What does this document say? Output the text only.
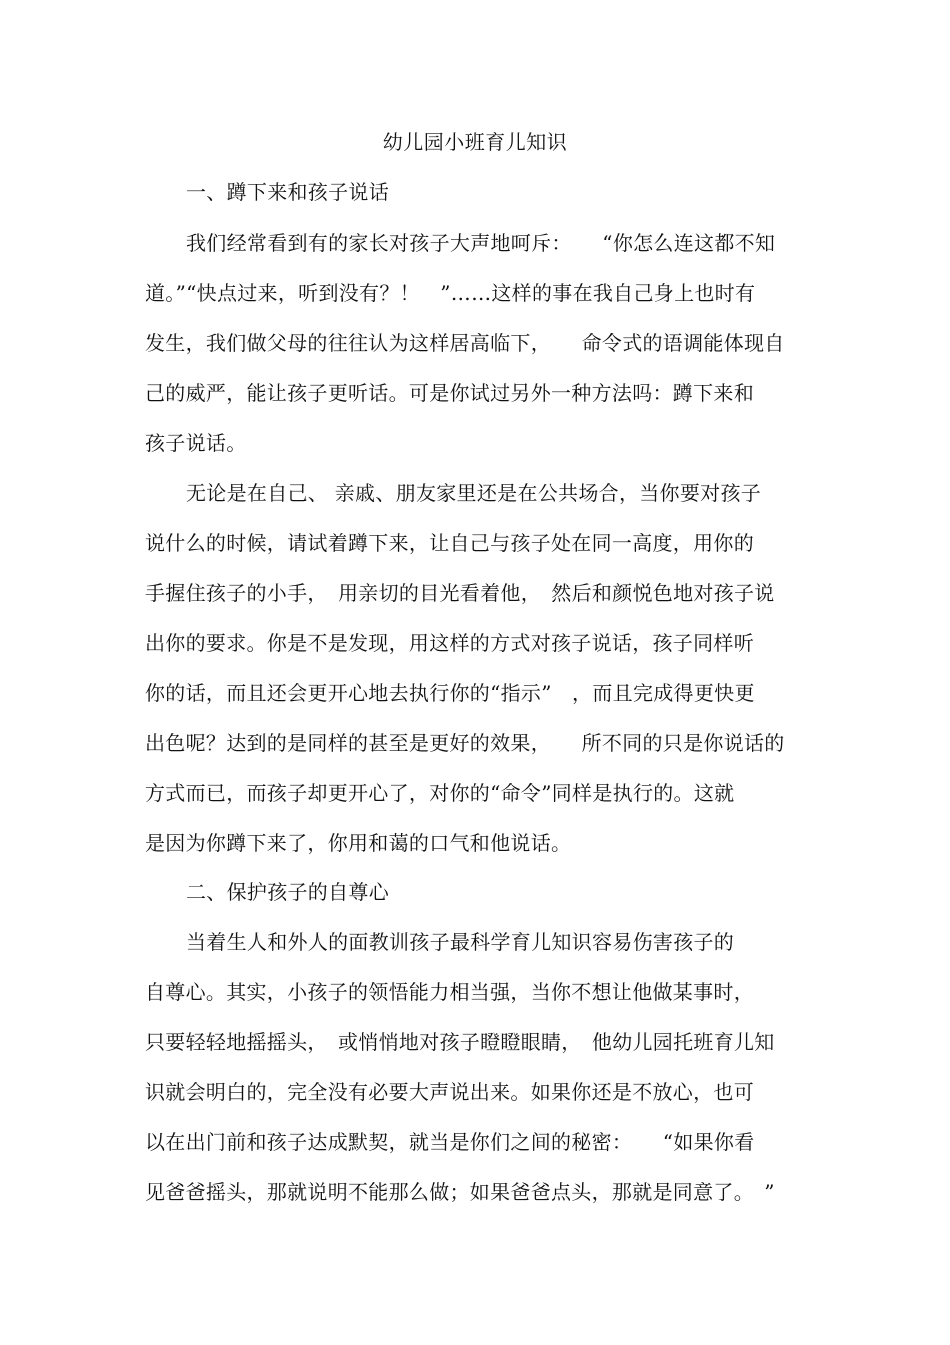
幼儿园小班育儿知识
一、蹲下来和孩子说话
我们经常看到有的家长对孩子大声地呵斥：　　“你怎么连这都不知
道。”“快点过来，听到没有？！　”……这样的事在我自己身上也时有
发生，我们做父母的往往认为这样居高临下，　　命令式的语调能体现自
己的威严，能让孩子更听话。可是你试过另外一种方法吗：蹲下来和
孩子说话。
无论是在自己、 亲戚、朋友家里还是在公共场合，当你要对孩子
说什么的时候，请试着蹲下来，让自己与孩子处在同一高度，用你的
手握住孩子的小手，　用亲切的目光看着他，　然后和颜悦色地对孩子说
出你的要求。你是不是发现，用这样的方式对孩子说话，孩子同样听
你的话，而且还会更开心地去执行你的“指示”　，而且完成得更快更
出色呢？达到的是同样的甚至是更好的效果，　　所不同的只是你说话的
方式而已，而孩子却更开心了，对你的“命令”同样是执行的。这就
是因为你蹲下来了，你用和蔼的口气和他说话。
二、保护孩子的自尊心
当着生人和外人的面教训孩子最科学育儿知识容易伤害孩子的
自尊心。其实，小孩子的领悟能力相当强，当你不想让他做某事时，
只要轻轻地摇摇头，　或悄悄地对孩子瞪瞪眼睛，　他幼儿园托班育儿知
识就会明白的，完全没有必要大声说出来。如果你还是不放心，也可
以在出门前和孩子达成默契，就当是你们之间的秘密：　　“如果你看
见爸爸摇头，那就说明不能那么做；如果爸爸点头，那就是同意了。　”
